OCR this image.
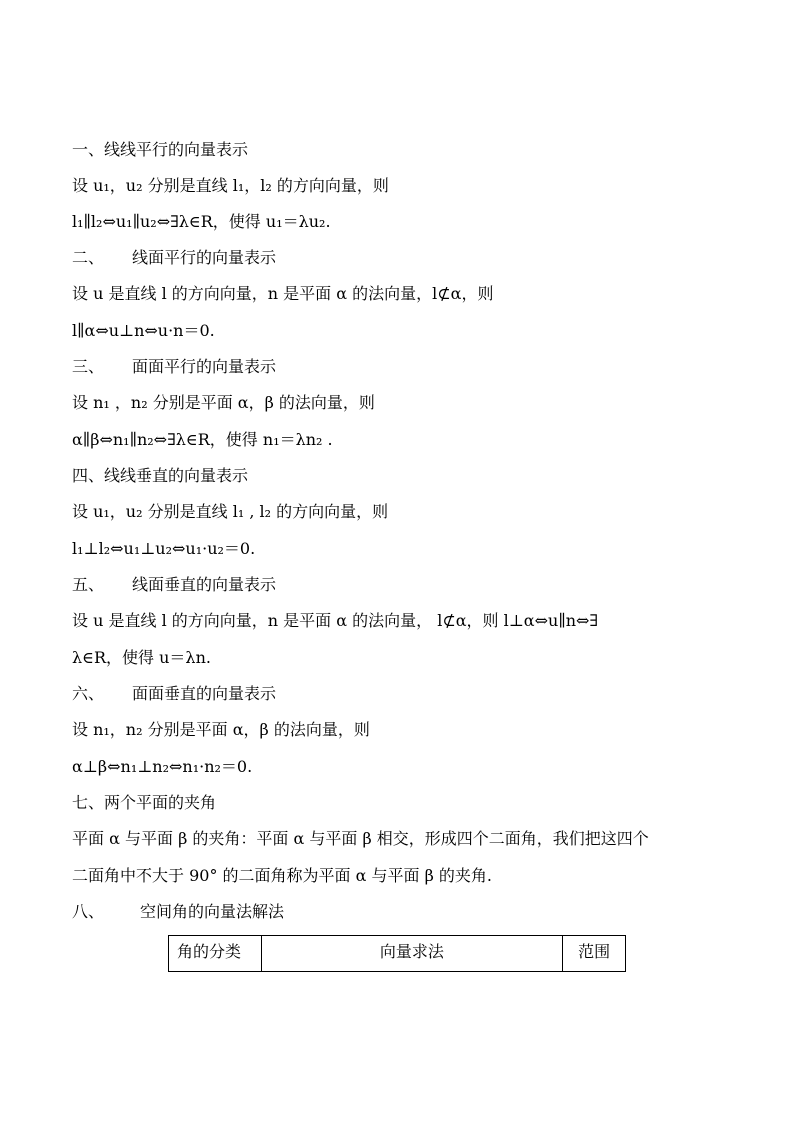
一、线线平行的向量表示
设 u₁，u₂ 分别是直线 l₁，l₂ 的方向向量，则
l₁∥l₂⇔u₁∥u₂⇔∃λ∈R，使得 u₁＝λu₂.
二、 线面平行的向量表示
设 u 是直线 l 的方向向量，n 是平面 α 的法向量，l⊄α，则
l∥α⇔u⊥n⇔u·n＝0.
三、 面面平行的向量表示
设 n₁ ，n₂ 分别是平面 α，β 的法向量，则
α∥β⇔n₁∥n₂⇔∃λ∈R，使得 n₁＝λn₂ .
四、线线垂直的向量表示
设 u₁，u₂ 分别是直线 l₁ , l₂ 的方向向量，则
l₁⊥l₂⇔u₁⊥u₂⇔u₁·u₂＝0.
五、 线面垂直的向量表示
设 u 是直线 l 的方向向量，n 是平面 α 的法向量， l⊄α，则 l⊥α⇔u∥n⇔∃
λ∈R，使得 u＝λn.
六、 面面垂直的向量表示
设 n₁，n₂ 分别是平面 α，β 的法向量，则
α⊥β⇔n₁⊥n₂⇔n₁·n₂＝0.
七、两个平面的夹角
平面 α 与平面 β 的夹角：平面 α 与平面 β 相交，形成四个二面角，我们把这四个
二面角中不大于 90° 的二面角称为平面 α 与平面 β 的夹角.
八、 空间角的向量法解法
角的分类	向量求法	范围
